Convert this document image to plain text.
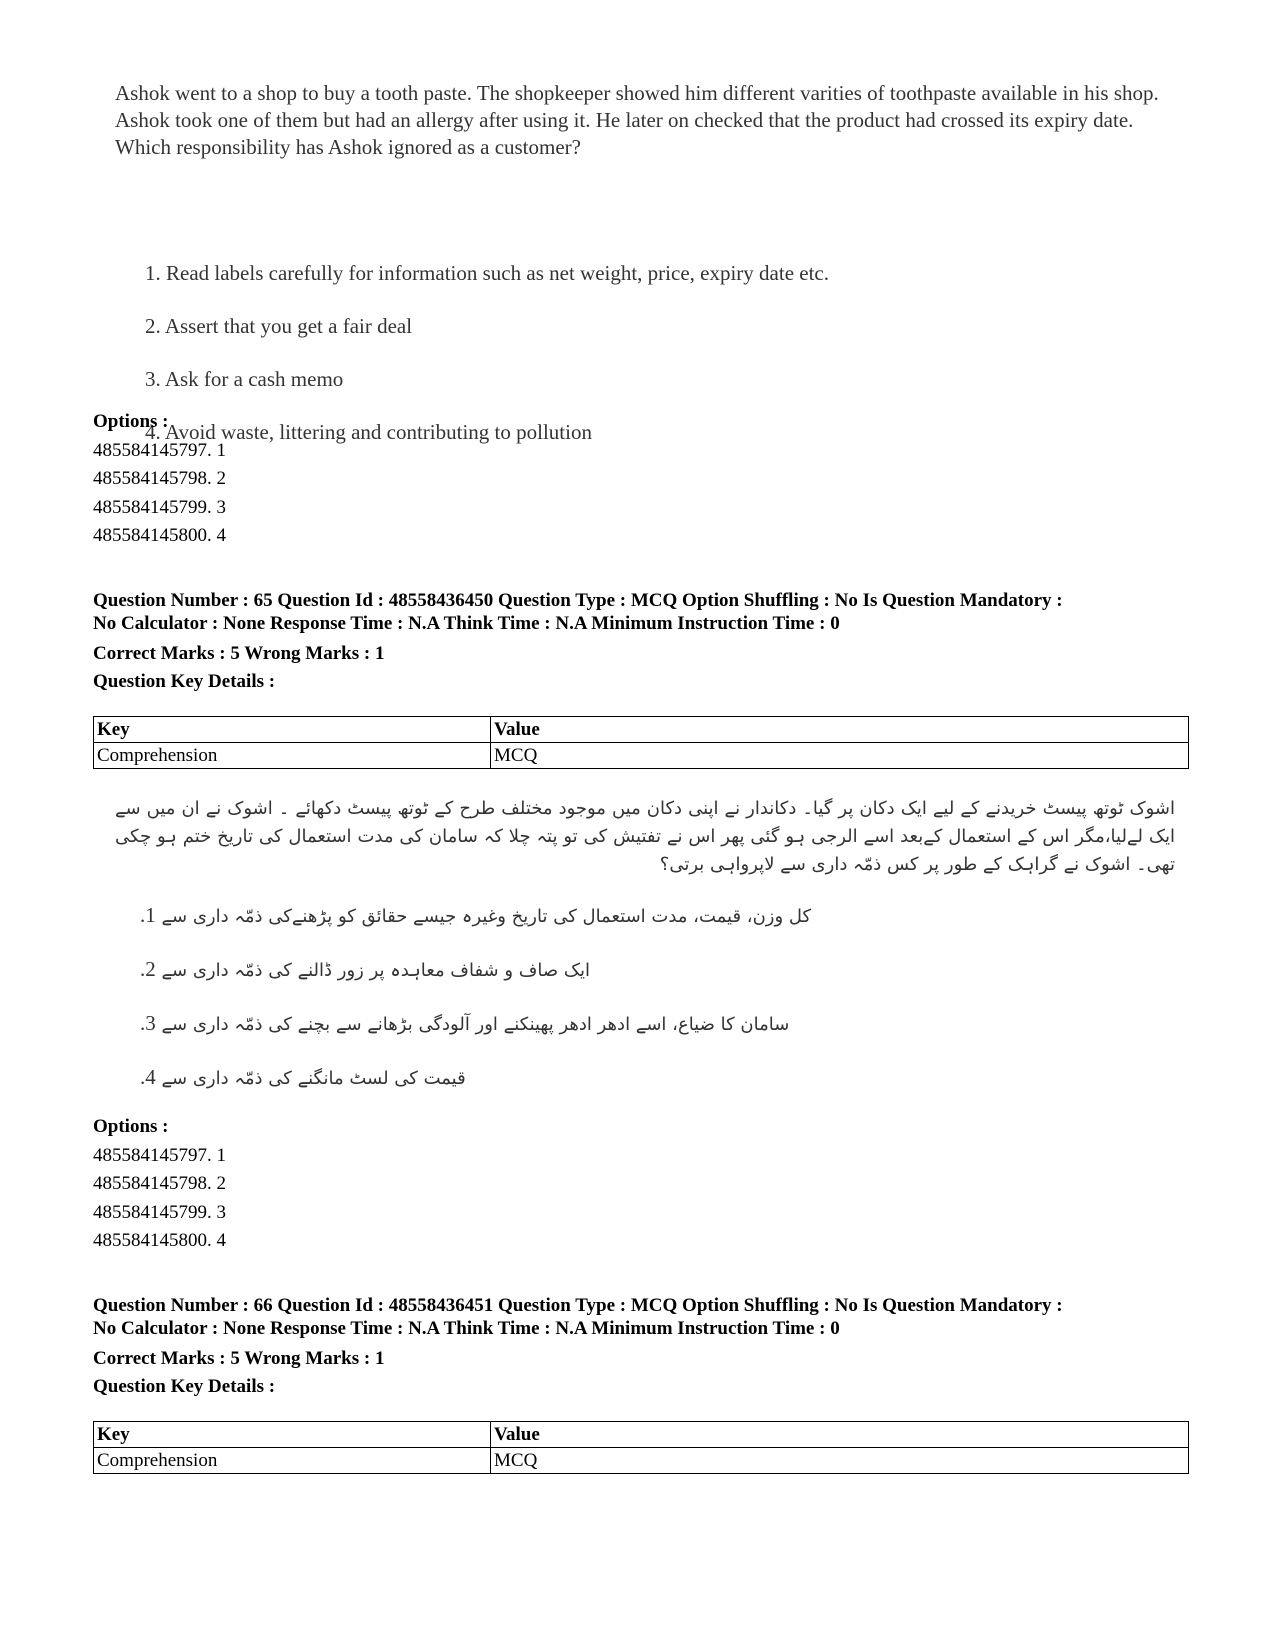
Ashok went to a shop to buy a tooth paste. The shopkeeper showed him different varities of toothpaste available in his shop. Ashok took one of them but had an allergy after using it. He later on checked that the product had crossed its expiry date. Which responsibility has Ashok ignored as a customer?

1. Read labels carefully for information such as net weight, price, expiry date etc.
2. Assert that you get a fair deal
3. Ask for a cash memo
4. Avoid waste, littering and contributing to pollution
Options :
485584145797. 1
485584145798. 2
485584145799. 3
485584145800. 4
Question Number : 65 Question Id : 48558436450 Question Type : MCQ Option Shuffling : No Is Question Mandatory :
No Calculator : None Response Time : N.A Think Time : N.A Minimum Instruction Time : 0
Correct Marks : 5 Wrong Marks : 1
Question Key Details :
Key	Value
Comprehension	MCQ
اشوک ٹوتھ پیسٹ خریدنے کے لیے ایک دکان پر گیا۔ دکاندار نے اپنی دکان میں موجود مختلف طرح کے ٹوتھ پیسٹ دکھائے ۔ اشوک نے ان میں سے ایک لےلیا،مگر اس کے استعمال کےبعد اسے الرجی ہو گئی پھر اس نے تفتیش کی تو پتہ چلا کہ سامان کی مدت استعمال کی تاریخ ختم ہو چکی تھی۔ اشوک نے گراہک کے طور پر کس ذمّہ داری سے لاپرواہی برتی؟
کل وزن، قیمت، مدت استعمال کی تاریخ وغیرہ جیسے حقائق کو پڑھنےکی ذمّہ داری سے 1.
ایک صاف و شفاف معاہدہ پر زور ڈالنے کی ذمّہ داری سے 2.
سامان کا ضیاع، اسے ادھر ادھر پھینکنے اور آلودگی بڑھانے سے بچنے کی ذمّہ داری سے 3.
قیمت کی لسٹ مانگنے کی ذمّہ داری سے 4.
Options :
485584145797. 1
485584145798. 2
485584145799. 3
485584145800. 4
Question Number : 66 Question Id : 48558436451 Question Type : MCQ Option Shuffling : No Is Question Mandatory :
No Calculator : None Response Time : N.A Think Time : N.A Minimum Instruction Time : 0
Correct Marks : 5 Wrong Marks : 1
Question Key Details :
Key	Value
Comprehension	MCQ
